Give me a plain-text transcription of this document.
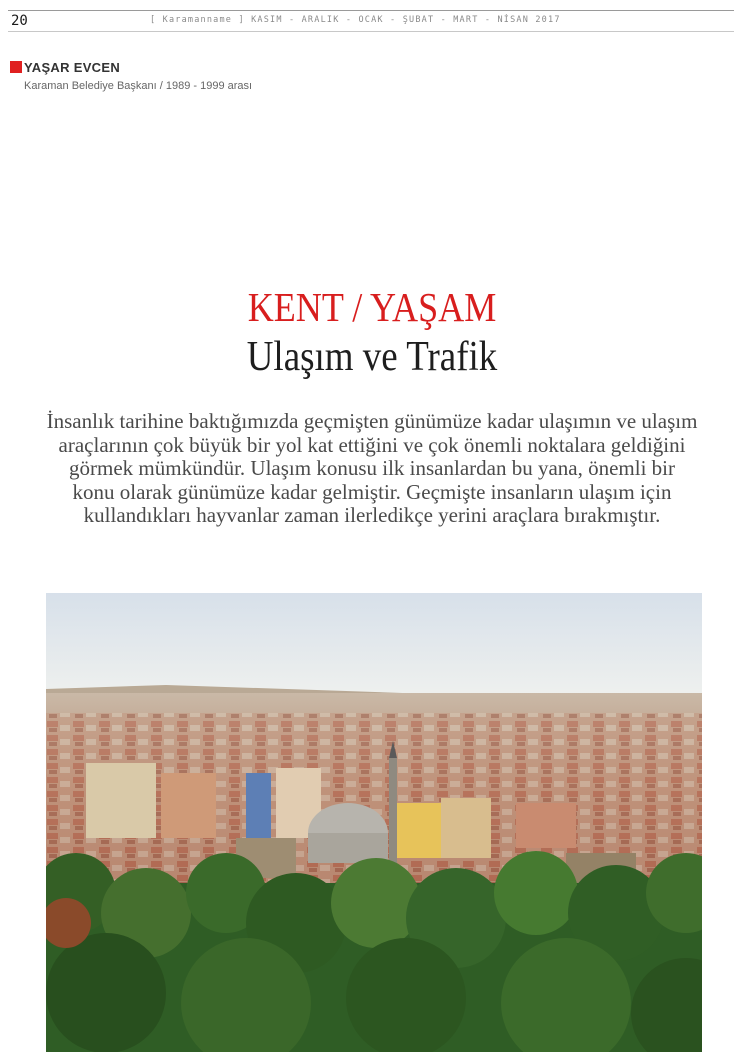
20	[ Karamanname ] KASIM - ARALIK - OCAK - ŞUBAT - MART - NİSAN 2017
YAŞAR EVCEN
Karaman Belediye Başkanı / 1989 - 1999 arası
KENT / YAŞAM
Ulaşım ve Trafik
İnsanlık tarihine baktığımızda geçmişten günümüze kadar ulaşımın ve ulaşım
araçlarının çok büyük bir yol kat ettiğini ve çok önemli noktalara geldiğini
görmek mümkündür. Ulaşım konusu ilk insanlardan bu yana, önemli bir
konu olarak günümüze kadar gelmiştir. Geçmişte insanların ulaşım için
kullandıkları hayvanlar zaman ilerledikçe yerini araçlara bırakmıştır.
